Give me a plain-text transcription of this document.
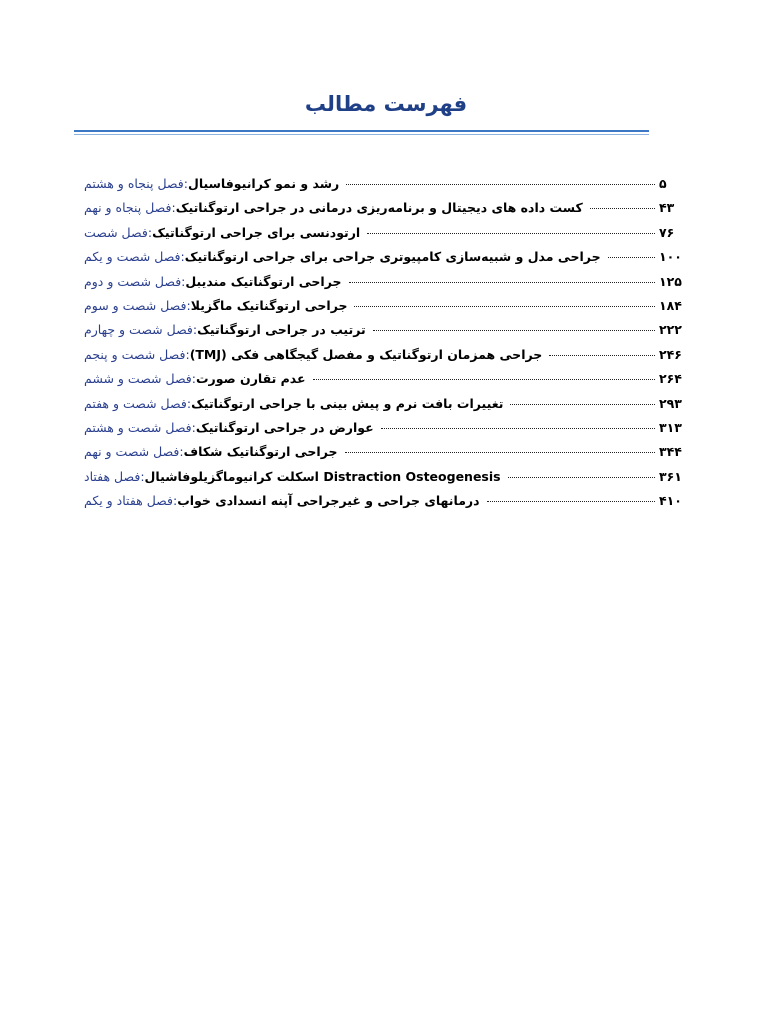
فهرست مطالب
فصل پنجاه و هشتم : رشد و نمو کرانیوفاسیال	۵
فصل پنجاه و نهم : کست داده های دیجیتال و برنامه‌ریزی درمانی در جراحی ارتوگناتیک	۴۳
فصل شصت : ارتودنسی برای جراحی ارتوگناتیک	۷۶
فصل شصت و یکم : جراحی مدل و شبیه‌سازی کامپیوتری جراحی برای جراحی ارتوگناتیک	۱۰۰
فصل شصت و دوم : جراحی ارتوگناتیک مندیبل	۱۲۵
فصل شصت و سوم : جراحی ارتوگناتیک ماگزیلا	۱۸۴
فصل شصت و چهارم : ترتیب در جراحی ارتوگناتیک	۲۲۲
فصل شصت و پنجم : جراحی همزمان ارتوگناتیک و مفصل گیجگاهی فکی (TMJ)	۲۴۶
فصل شصت و ششم : عدم تقارن صورت	۲۶۴
فصل شصت و هفتم : تغییرات بافت نرم و پیش بینی با جراحی ارتوگناتیک	۲۹۳
فصل شصت و هشتم : عوارض در جراحی ارتوگناتیک	۳۱۳
فصل شصت و نهم : جراحی ارتوگناتیک شکاف	۳۴۴
فصل هفتاد : Distraction Osteogenesis اسکلت کرانیوماگزیلوفاشیال	۳۶۱
فصل هفتاد و یکم : درمانهای جراحی و غیرجراحی آپنه انسدادی خواب	۴۱۰
